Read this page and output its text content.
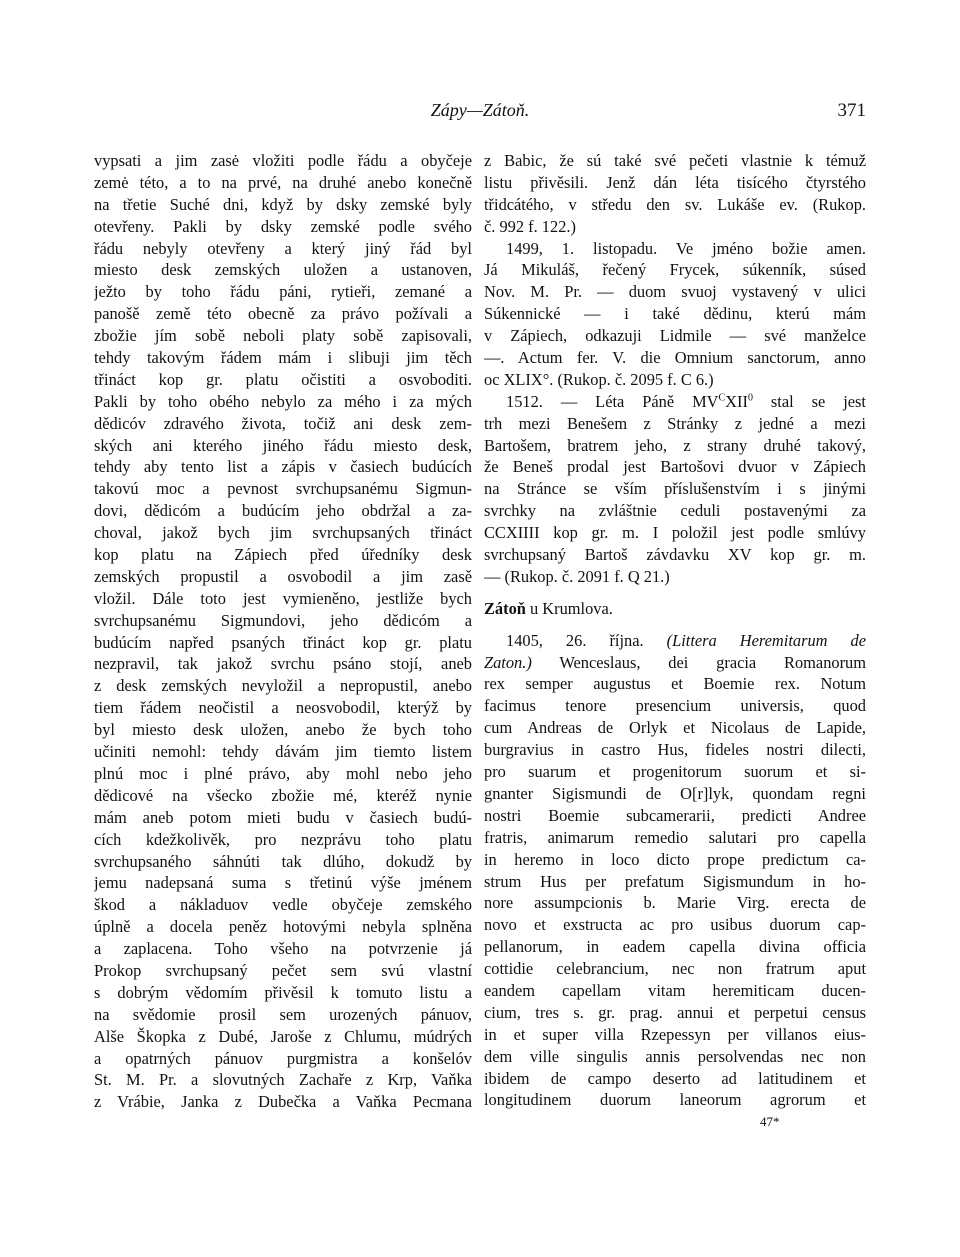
Zápy—Zátoň.	371
vypsati a jim zasė vložiti podle řádu a obyčeje
zemė této, a to na prvé, na druhé anebo konečně
na třetie Suché dni, když by dsky zemské byly
otevřeny. Pakli by dsky zemské podle svého
řádu nebyly otevřeny a který jiný řád byl
miesto desk zemských uložen a ustanoven,
ježto by toho řádu páni, rytieři, zemané a
panošě země této obecně za právo požívali a
zbožie jím sobě neboli platy sobě zapisovali,
tehdy takovým řádem mám i slibuji jim těch
třináct kop gr. platu očistiti a osvoboditi.
Pakli by toho obého nebylo za mého i za mých
dědicóv zdravého života, točiž ani desk zem-
ských ani kterého jiného řádu miesto desk,
tehdy aby tento list a zápis v časiech budúcích
takovú moc a pevnost svrchupsanému Sigmun-
dovi, dědicóm a budúcím jeho obdržal a za-
choval, jakož bych jim svrchupsaných třináct
kop platu na Zápiech před úředníky desk
zemských propustil a osvobodil a jim zasě
vložil. Dále toto jest vymieněno, jestliže bych
svrchupsanému Sigmundovi, jeho dědicóm a
budúcím napřed psaných třináct kop gr. platu
nezpravil, tak jakož svrchu psáno stojí, aneb
z desk zemských nevyložil a nepropustil, anebo
tiem řádem neočistil a neosvobodil, kterýž by
byl miesto desk uložen, anebo že bych toho
učiniti nemohl: tehdy dávám jim tiemto listem
plnú moc i plné právo, aby mohl nebo jeho
dědicové na všecko zbožie mé, kteréž nynie
mám aneb potom mieti budu v časiech budú-
cích kdežkolivěk, pro nezprávu toho platu
svrchupsaného sáhnúti tak dlúho, dokudž by
jemu nadepsaná suma s třetinú výše jménem
škod a nákladuov vedle obyčeje zemského
úplně a docela peněz hotovými nebyla splněna
a zaplacena. Toho všeho na potvrzenie já
Prokop svrchupsaný pečet sem svú vlastní
s dobrým vědomím přivěsil k tomuto listu a
na svědomie prosil sem urozených pánuov,
Alše Škopka z Dubé, Jaroše z Chlumu, múdrých
a opatrných pánuov purgmistra a konšelóv
St. M. Pr. a slovutných Zachaře z Krp, Vaňka
z Vrábie, Janka z Dubečka a Vaňka Pecmana
z Babic, že sú také své pečeti vlastnie k témuž
listu přivěsili. Jenž dán léta tisícého čtyrstého
třidcátého, v středu den sv. Lukáše ev. (Rukop.
č. 992 f. 122.)
1499, 1. listopadu. Ve jméno božie amen.
Já Mikuláš, řečený Frycek, súkenník, súsed
Nov. M. Pr. — duom svuoj vystavený v ulici
Súkennické — i také dědinu, kterú mám
v Zápiech, odkazuji Lidmile — své manželce
—. Actum fer. V. die Omnium sanctorum, anno
oc XLIX°. (Rukop. č. 2095 f. C 6.)
1512. — Léta Páně $MV^CXII^0$ stal se jest
trh mezi Benešem z Stránky z jedné a mezi
Bartošem, bratrem jeho, z strany druhé takový,
že Beneš prodal jest Bartošovi dvuor v Zápiech
na Stránce se vším příslušenstvím i s jinými
svrchky na zvláštnie ceduli postavenými za
CCXIIII kop gr. m. I položil jest podle smlúvy
svrchupsaný Bartoš závdavku XV kop gr. m.
— (Rukop. č. 2091 f. Q 21.)
Zátoň u Krumlova.
1405, 26. října. (Littera Heremitarum de
Zaton.) Wenceslaus, dei gracia Romanorum
rex semper augustus et Boemie rex. Notum
facimus tenore presencium universis, quod
cum Andreas de Orlyk et Nicolaus de Lapide,
burgravius in castro Hus, fideles nostri dilecti,
pro suarum et progenitorum suorum et si-
gnanter Sigismundi de O[r]lyk, quondam regni
nostri Boemie subcamerarii, predicti Andree
fratris, animarum remedio salutari pro capella
in heremo in loco dicto prope predictum ca-
strum Hus per prefatum Sigismundum in ho-
nore assumpcionis b. Marie Virg. erecta de
novo et exstructa ac pro usibus duorum cap-
pellanorum, in eadem capella divina officia
cottidie celebrancium, nec non fratrum aput
eandem capellam vitam heremiticam ducen-
cium, tres s. gr. prag. annui et perpetui census
in et super villa Rzepessyn per villanos eius-
dem ville singulis annis persolvendas nec non
ibidem de campo deserto ad latitudinem et
longitudinem duorum laneorum agrorum et
47*
